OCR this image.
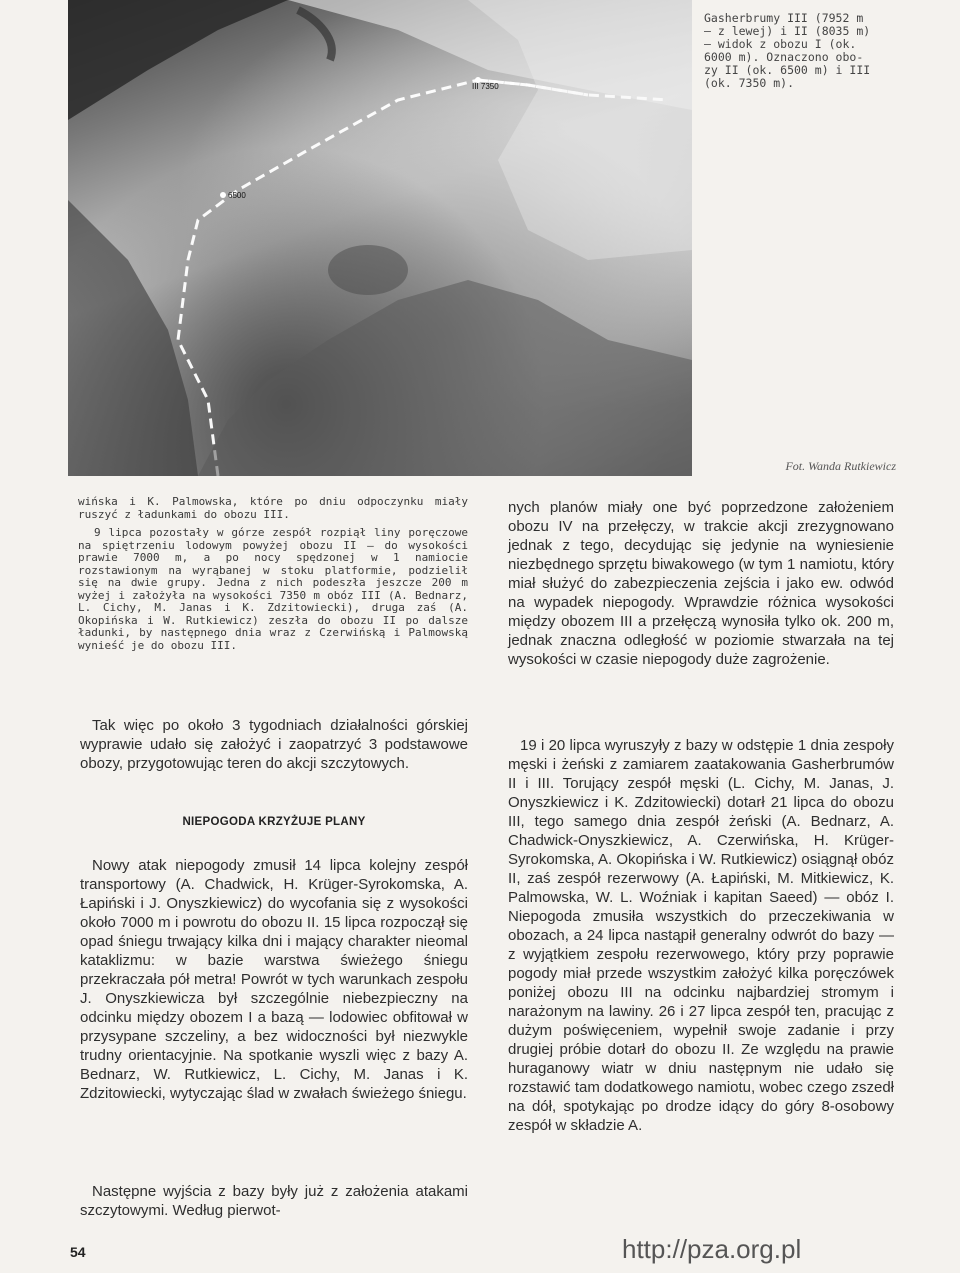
6500
III 7350
Gasherbrumy III (7952 m
— z lewej) i II (8035 m)
— widok z obozu I (ok.
6000 m). Oznaczono obo-
zy II (ok. 6500 m) i III
(ok. 7350 m).
Fot. Wanda Rutkiewicz

wińska i K. Palmowska, które po dniu odpoczynku miały ruszyć z ładunkami do obozu III.

9 lipca pozostały w górze zespół rozpiął liny poręczowe na spiętrzeniu lodowym powyżej obozu II — do wysokości prawie 7000 m, a po nocy spędzonej w 1 namiocie rozstawionym na wyrąbanej w stoku platformie, podzielił się na dwie grupy. Jedna z nich podeszła jeszcze 200 m wyżej i założyła na wysokości 7350 m obóz III (A. Bednarz, L. Cichy, M. Janas i K. Zdzitowiecki), druga zaś (A. Okopińska i W. Rutkiewicz) zeszła do obozu II po dalsze ładunki, by następnego dnia wraz z Czerwińską i Palmowską wynieść je do obozu III.

Tak więc po około 3 tygodniach działalności górskiej wyprawie udało się założyć i zaopatrzyć 3 podstawowe obozy, przygotowując teren do akcji szczytowych.
NIEPOGODA KRZYŻUJE PLANY
Nowy atak niepogody zmusił 14 lipca kolejny zespół transportowy (A. Chadwick, H. Krüger-Syrokomska, A. Łapiński i J. Onyszkiewicz) do wycofania się z wysokości około 7000 m i powrotu do obozu II. 15 lipca rozpoczął się opad śniegu trwający kilka dni i mający charakter nieomal kataklizmu: w bazie warstwa świeżego śniegu przekraczała pół metra! Powrót w tych warunkach zespołu J. Onyszkiewicza był szczególnie niebezpieczny na odcinku między obozem I a bazą — lodowiec obfitował w przysypane szczeliny, a bez widoczności był niezwykle trudny orientacyjnie. Na spotkanie wyszli więc z bazy A. Bednarz, W. Rutkiewicz, L. Cichy, M. Janas i K. Zdzitowiecki, wytyczając ślad w zwałach świeżego śniegu.
Następne wyjścia z bazy były już z założenia atakami szczytowymi. Według pierwot-
nych planów miały one być poprzedzone założeniem obozu IV na przełęczy, w trakcie akcji zrezygnowano jednak z tego, decydując się jedynie na wyniesienie niezbędnego sprzętu biwakowego (w tym 1 namiotu, który miał służyć do zabezpieczenia zejścia i jako ew. odwód na wypadek niepogody. Wprawdzie różnica wysokości między obozem III a przełęczą wynosiła tylko ok. 200 m, jednak znaczna odległość w poziomie stwarzała na tej wysokości w czasie niepogody duże zagrożenie.
19 i 20 lipca wyruszyły z bazy w odstępie 1 dnia zespoły męski i żeński z zamiarem zaatakowania Gasherbrumów II i III. Torujący zespół męski (L. Cichy, M. Janas, J. Onyszkiewicz i K. Zdzitowiecki) dotarł 21 lipca do obozu III, tego samego dnia zespół żeński (A. Bednarz, A. Chadwick-Onyszkiewicz, A. Czerwińska, H. Krüger-Syrokomska, A. Okopińska i W. Rutkiewicz) osiągnął obóz II, zaś zespół rezerwowy (A. Łapiński, M. Mitkiewicz, K. Palmowska, W. L. Woźniak i kapitan Saeed) — obóz I. Niepogoda zmusiła wszystkich do przeczekiwania w obozach, a 24 lipca nastąpił generalny odwrót do bazy — z wyjątkiem zespołu rezerwowego, który przy poprawie pogody miał przede wszystkim założyć kilka poręczówek poniżej obozu III na odcinku najbardziej stromym i narażonym na lawiny. 26 i 27 lipca zespół ten, pracując z dużym poświęceniem, wypełnił swoje zadanie i przy drugiej próbie dotarł do obozu II. Ze względu na prawie huraganowy wiatr w dniu następnym nie udało się rozstawić tam dodatkowego namiotu, wobec czego zszedł na dół, spotykając po drodze idący do góry 8-osobowy zespół w składzie A.
54	http://pza.org.pl
